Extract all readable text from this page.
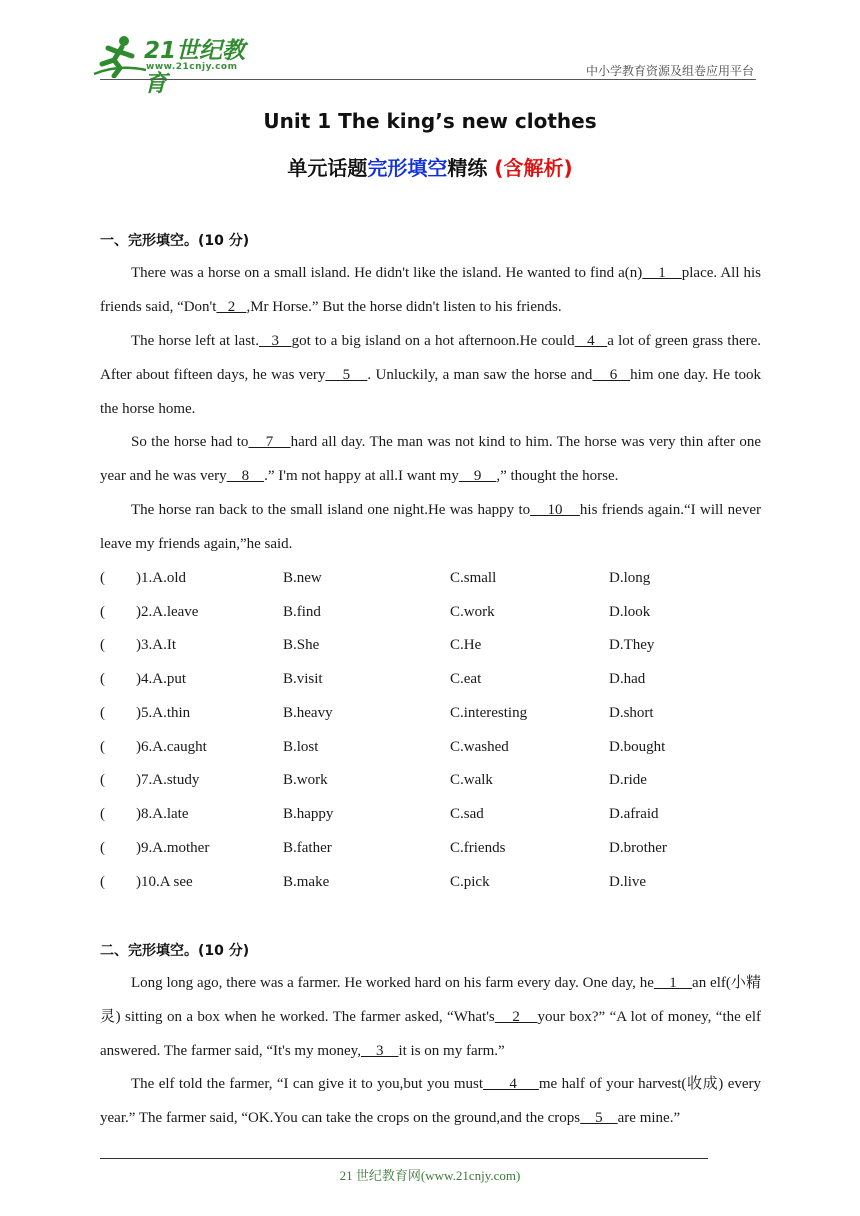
21世纪教育
www.21cnjy.com	中小学教育资源及组卷应用平台
Unit 1 The king’s new clothes
单元话题完形填空精练 (含解析)
一、完形填空。(10 分)

There was a horse on a small island. He didn't like the island. He wanted to find a(n)    1    place. All his friends said, “Don't   2   ,Mr Horse.” But the horse didn't listen to his friends.

The horse left at last.   3   got to a big island on a hot afternoon.He could   4   a lot of green grass there. After about fifteen days, he was very    5    . Unluckily, a man saw the horse and    6   him one day. He took the horse home.

So the horse had to    7    hard all day. The man was not kind to him. The horse was very thin after one year and he was very    8    .” I'm not happy at all.I want my    9    ,” thought the horse.

The horse ran back to the small island one night.He was happy to    10    his friends again.“I will never leave my friends again,”he said.

( )1.A.old	B.new	C.small	D.long
( )2.A.leave	B.find	C.work	D.look
( )3.A.It	B.She	C.He	D.They
( )4.A.put	B.visit	C.eat	D.had
( )5.A.thin	B.heavy	C.interesting	D.short
( )6.A.caught	B.lost	C.washed	D.bought
( )7.A.study	B.work	C.walk	D.ride
( )8.A.late	B.happy	C.sad	D.afraid
( )9.A.mother	B.father	C.friends	D.brother
( )10.A see	B.make	C.pick	D.live
二、完形填空。(10 分)

Long long ago, there was a farmer. He worked hard on his farm every day. One day, he    1    an elf(小精灵) sitting on a box when he worked. The farmer asked, “What's    2    your box?” “A lot of money, “the elf answered. The farmer said, “It's my money,    3    it is on my farm.”

The elf told the farmer, “I can give it to you,but you must      4     me half of your harvest(收成) every year.” The farmer said, “OK.You can take the crops on the ground,and the crops    5    are mine.”

21 世纪教育网(www.21cnjy.com)
